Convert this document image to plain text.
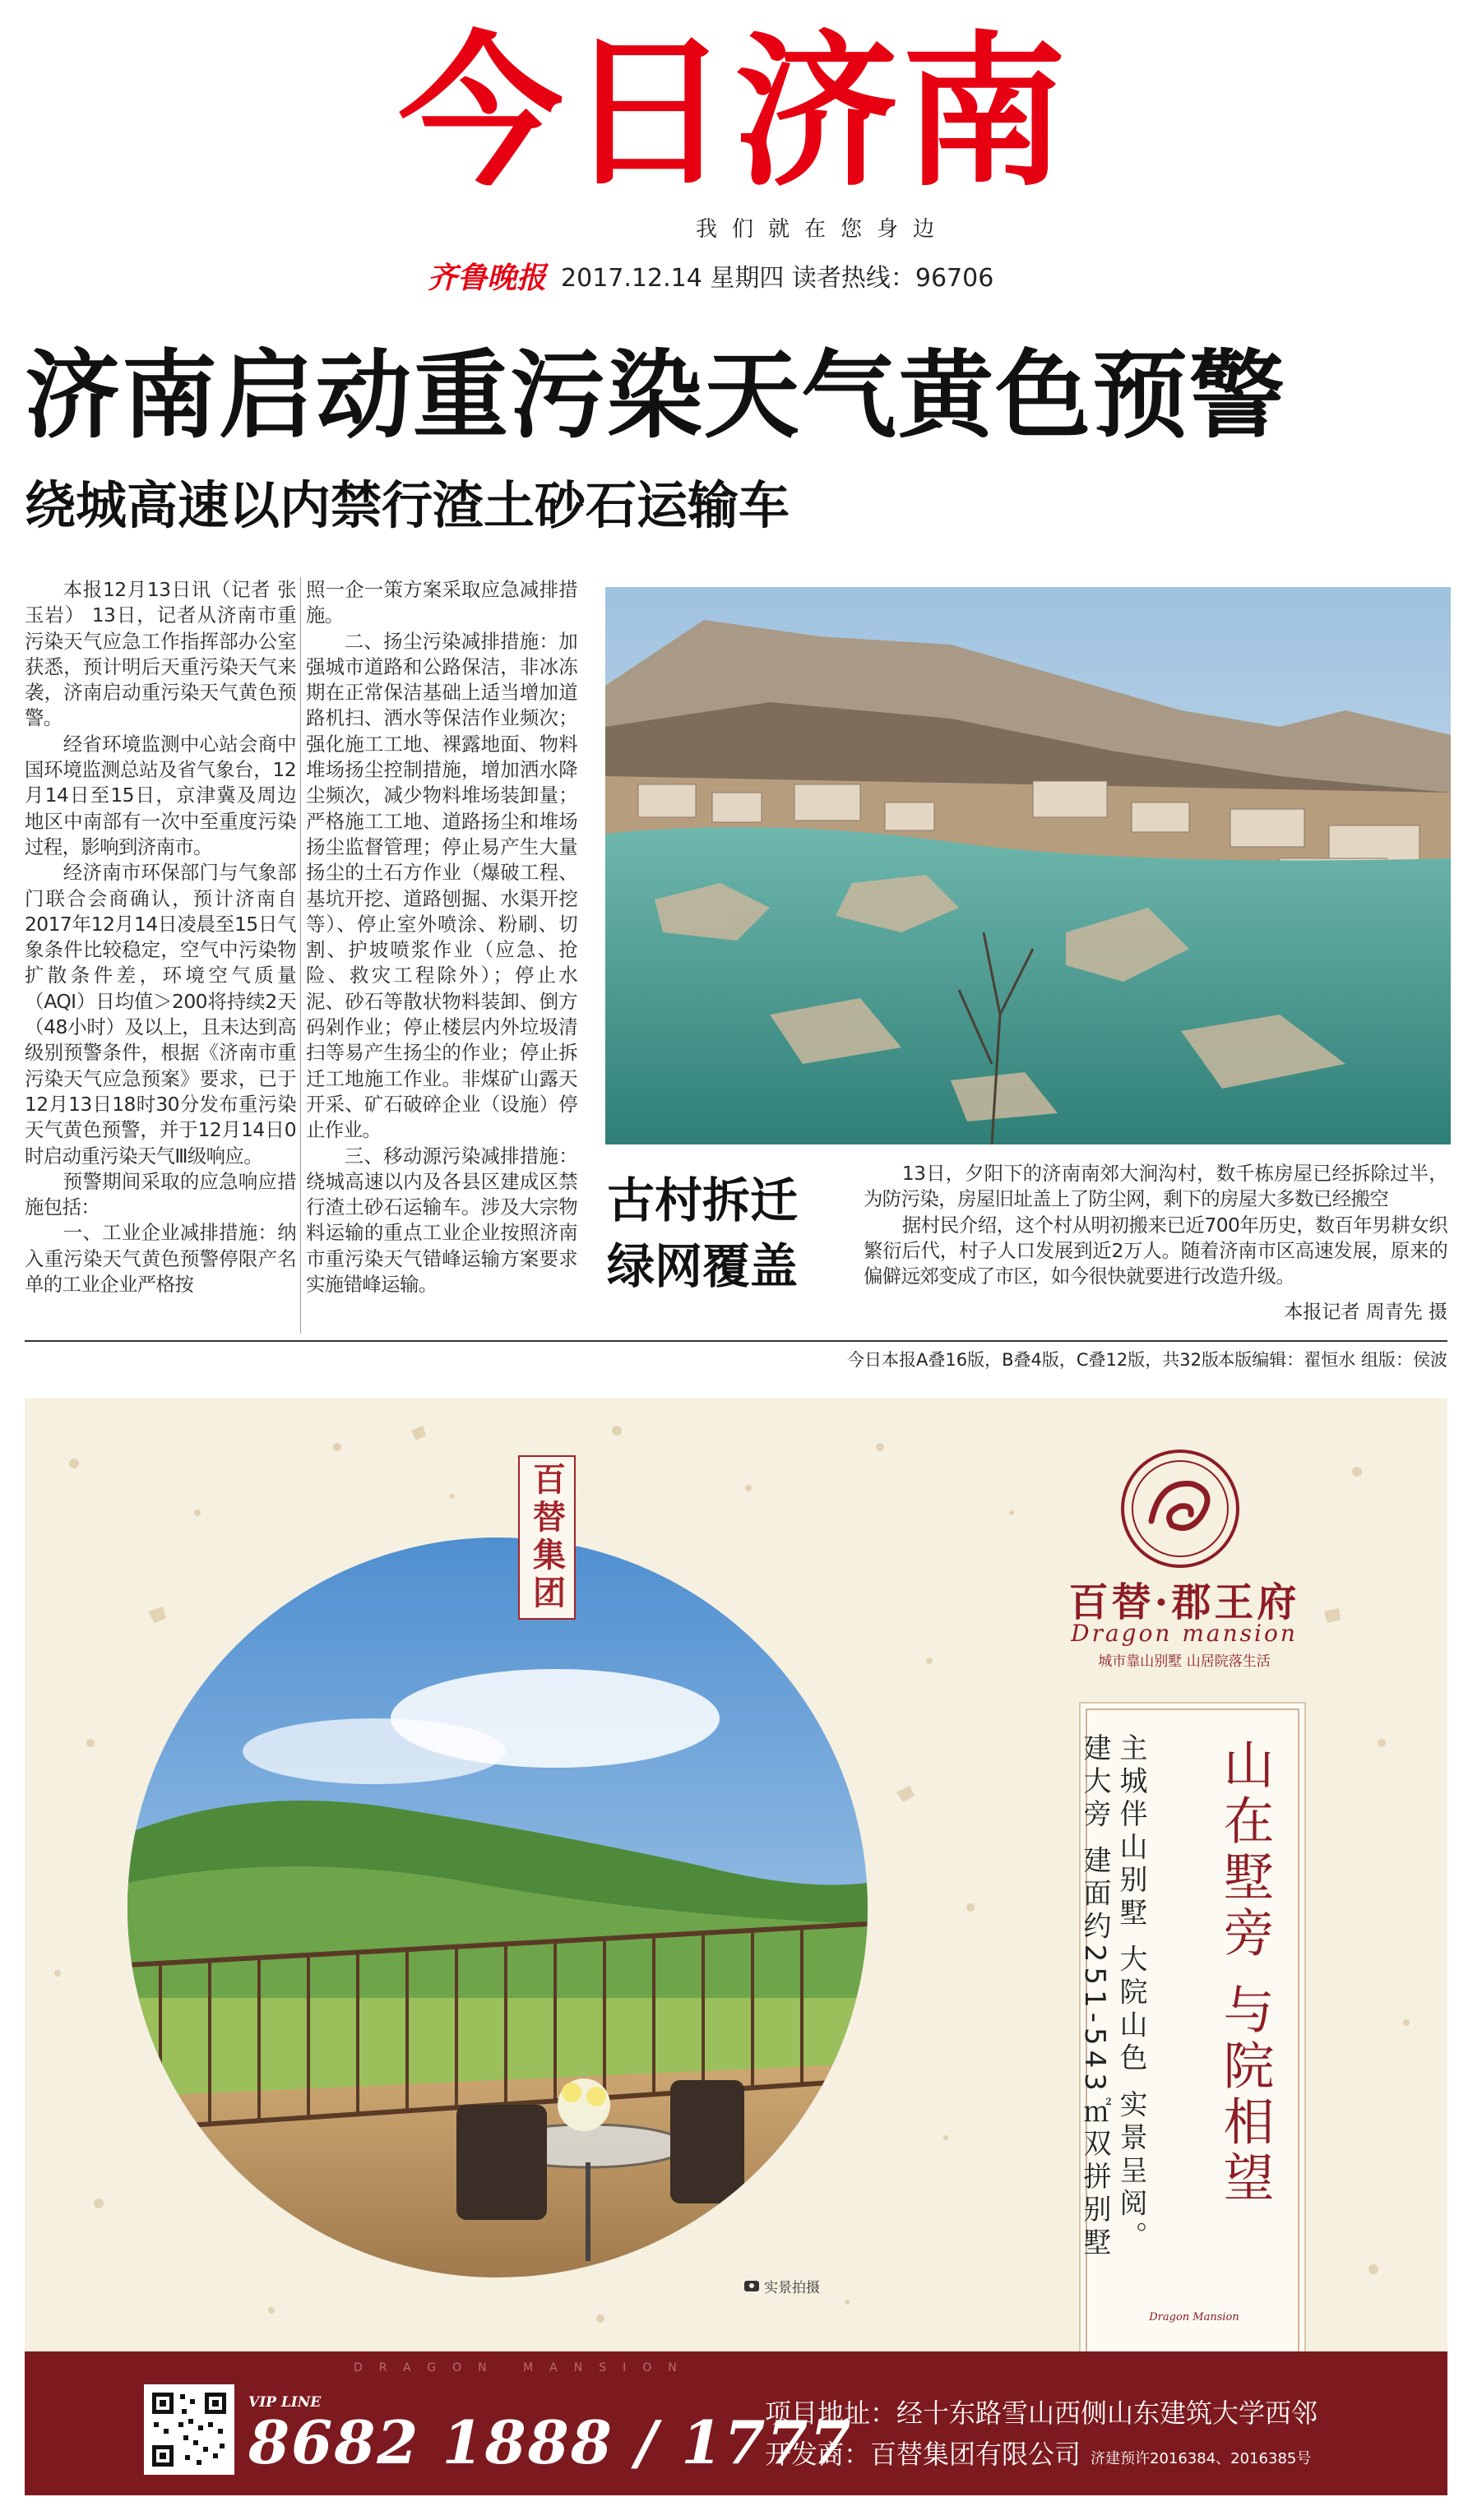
今日济南
我们就在您身边
齐鲁晚报 2017.12.14 星期四 读者热线：96706
济南启动重污染天气黄色预警
绕城高速以内禁行渣土砂石运输车

本报12月13日讯（记者 张玉岩） 13日，记者从济南市重污染天气应急工作指挥部办公室获悉，预计明后天重污染天气来袭，济南启动重污染天气黄色预警。

经省环境监测中心站会商中国环境监测总站及省气象台，12月14日至15日，京津冀及周边地区中南部有一次中至重度污染过程，影响到济南市。

经济南市环保部门与气象部门联合会商确认，预计济南自2017年12月14日凌晨至15日气象条件比较稳定，空气中污染物扩散条件差，环境空气质量（AQI）日均值＞200将持续2天（48小时）及以上，且未达到高级别预警条件，根据《济南市重污染天气应急预案》要求，已于12月13日18时30分发布重污染天气黄色预警，并于12月14日0时启动重污染天气Ⅲ级响应。

预警期间采取的应急响应措施包括：

一、工业企业减排措施：纳入重污染天气黄色预警停限产名单的工业企业严格按

照一企一策方案采取应急减排措施。

二、扬尘污染减排措施：加强城市道路和公路保洁，非冰冻期在正常保洁基础上适当增加道路机扫、洒水等保洁作业频次；强化施工工地、裸露地面、物料堆场扬尘控制措施，增加洒水降尘频次，减少物料堆场装卸量；严格施工工地、道路扬尘和堆场扬尘监督管理；停止易产生大量扬尘的土石方作业（爆破工程、基坑开挖、道路刨掘、水渠开挖等）、停止室外喷涂、粉刷、切割、护坡喷浆作业（应急、抢险、救灾工程除外）；停止水泥、砂石等散状物料装卸、倒方码剁作业；停止楼层内外垃圾清扫等易产生扬尘的作业；停止拆迁工地施工作业。非煤矿山露天开采、矿石破碎企业（设施）停止作业。

三、移动源污染减排措施：绕城高速以内及各县区建成区禁行渣土砂石运输车。涉及大宗物料运输的重点工业企业按照济南市重污染天气错峰运输方案要求实施错峰运输。

古村拆迁
绿网覆盖

13日，夕阳下的济南南郊大涧沟村，数千栋房屋已经拆除过半，为防污染，房屋旧址盖上了防尘网，剩下的房屋大多数已经搬空

据村民介绍，这个村从明初搬来已近700年历史，数百年男耕女织繁衍后代，村子人口发展到近2万人。随着济南市区高速发展，原来的偏僻远郊变成了市区，如今很快就要进行改造升级。

本报记者 周青先 摄
今日本报A叠16版，B叠4版，C叠12版，共32版
本版编辑：翟恒水 组版：侯波
百替集团
实景拍摄
百替·郡王府
Dragon mansion
城市靠山别墅 山居院落生活
山在墅旁 与院相望
主城伴山别墅 大院山色 实景呈阅。
建大旁 建面约251-543㎡双拼别墅
Dragon Mansion
DRAGON MANSION
VIP LINE
8682 1888 / 1777
项目地址：经十东路雪山西侧山东建筑大学西邻
开发商：百替集团有限公司 济建预许2016384、2016385号
